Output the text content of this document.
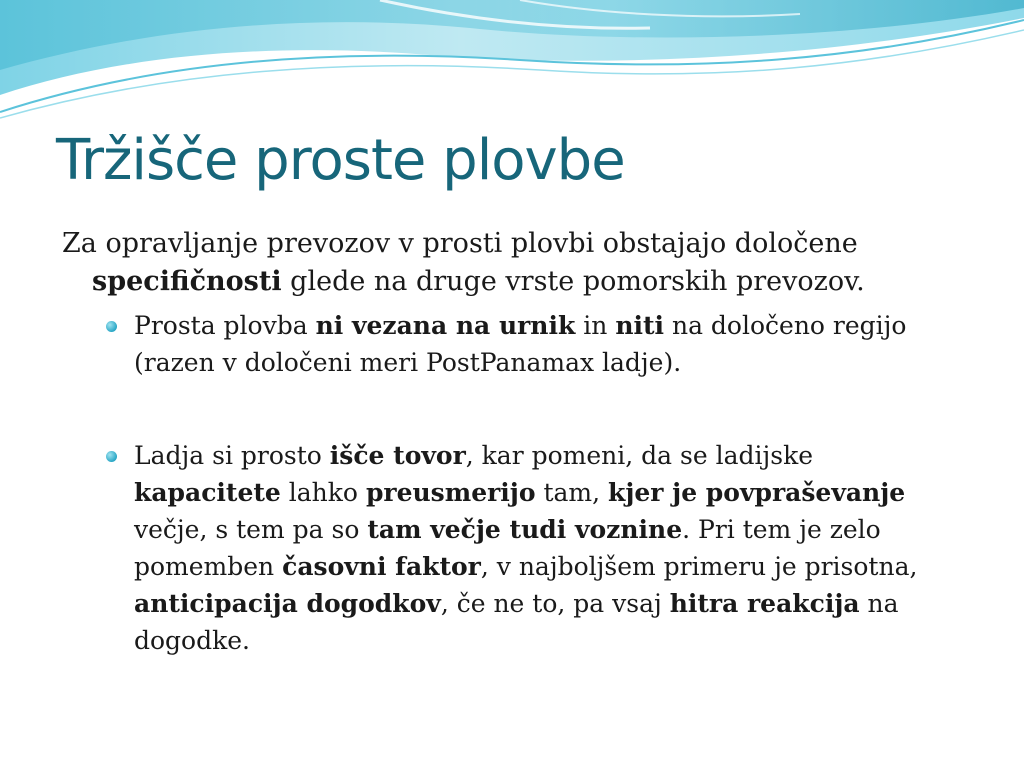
Tržišče proste plovbe

Za opravljanje prevozov v prosti plovbi obstajajo določene specifičnosti glede na druge vrste pomorskih prevozov.

Prosta plovba ni vezana na urnik in niti na določeno regijo (razen v določeni meri PostPanamax ladje).

Ladja si prosto išče tovor, kar pomeni, da se ladijske kapacitete lahko preusmerijo tam, kjer je povpraševanje večje, s tem pa so tam večje tudi voznine. Pri tem je zelo pomemben časovni faktor, v najboljšem primeru je prisotna, anticipacija dogodkov, če ne to, pa vsaj hitra reakcija na dogodke.
